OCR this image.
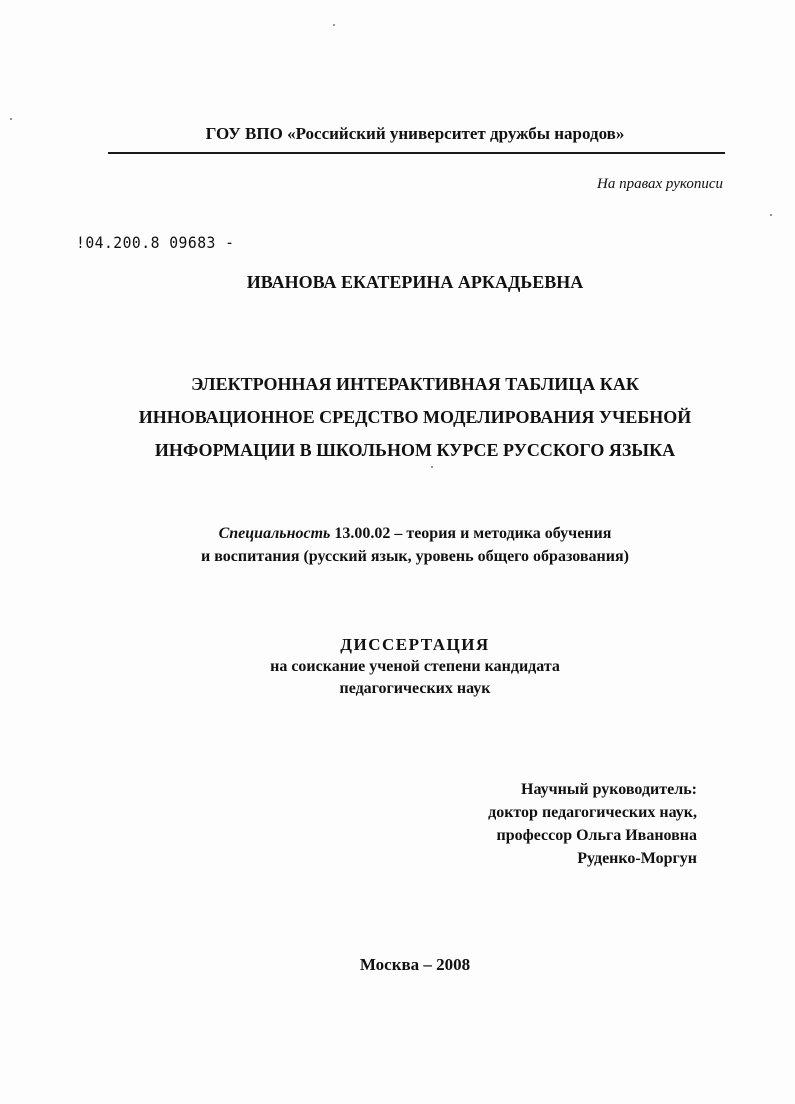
ГОУ ВПО «Российский университет дружбы народов»
На правах рукописи
!04.200.8 09683 -
ИВАНОВА ЕКАТЕРИНА АРКАДЬЕВНА
ЭЛЕКТРОННАЯ ИНТЕРАКТИВНАЯ ТАБЛИЦА КАК
ИННОВАЦИОННОЕ СРЕДСТВО МОДЕЛИРОВАНИЯ УЧЕБНОЙ
ИНФОРМАЦИИ В ШКОЛЬНОМ КУРСЕ РУССКОГО ЯЗЫКА
Специальность 13.00.02 – теория и методика обучения
и воспитания (русский язык, уровень общего образования)
ДИССЕРТАЦИЯ
на соискание ученой степени кандидата
педагогических наук
Научный руководитель:
доктор педагогических наук,
профессор Ольга Ивановна
Руденко-Моргун
Москва – 2008
